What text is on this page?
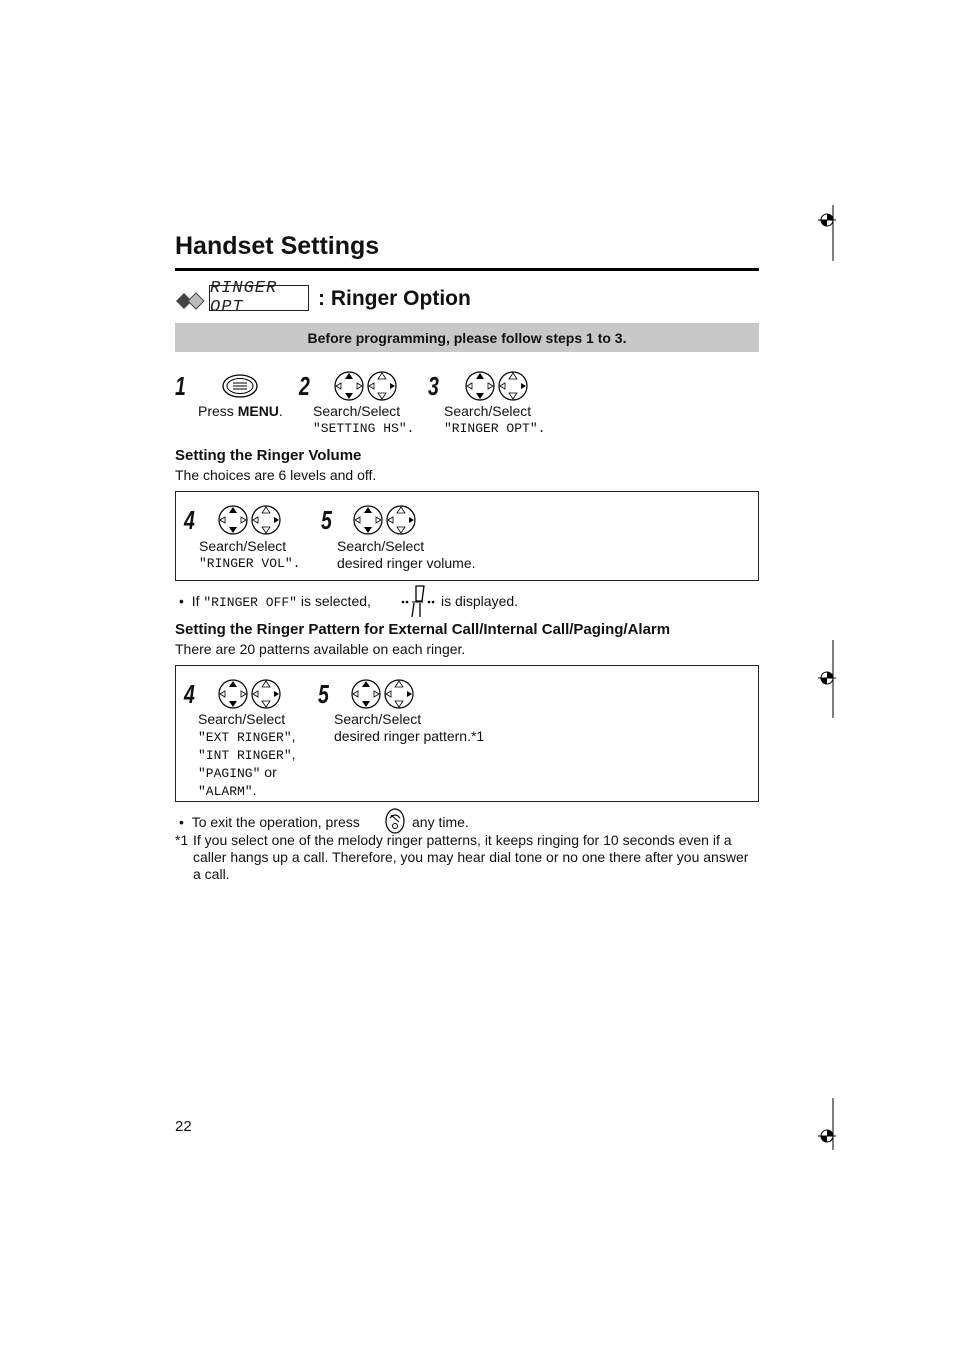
Handset Settings
RINGER OPT	: Ringer Option
Before programming, please follow steps 1 to 3.
1
Press MENU.
2
Search/Select
"SETTING HS".
3
Search/Select
"RINGER OPT".
Setting the Ringer Volume
The choices are 6 levels and off.
4
Search/Select
"RINGER VOL".
5
Search/Select
desired ringer volume.
•  If "RINGER OFF" is selected,	is displayed.
Setting the Ringer Pattern for External Call/Internal Call/Paging/Alarm
There are 20 patterns available on each ringer.
4
Search/Select
"EXT RINGER",
"INT RINGER",
"PAGING" or
"ALARM".
5
Search/Select
desired ringer pattern.*1
•  To exit the operation, press	any time.
*1 If you select one of the melody ringer patterns, it keeps ringing for 10 seconds even if a caller hangs up a call. Therefore, you may hear dial tone or no one there after you answer a call.
22
